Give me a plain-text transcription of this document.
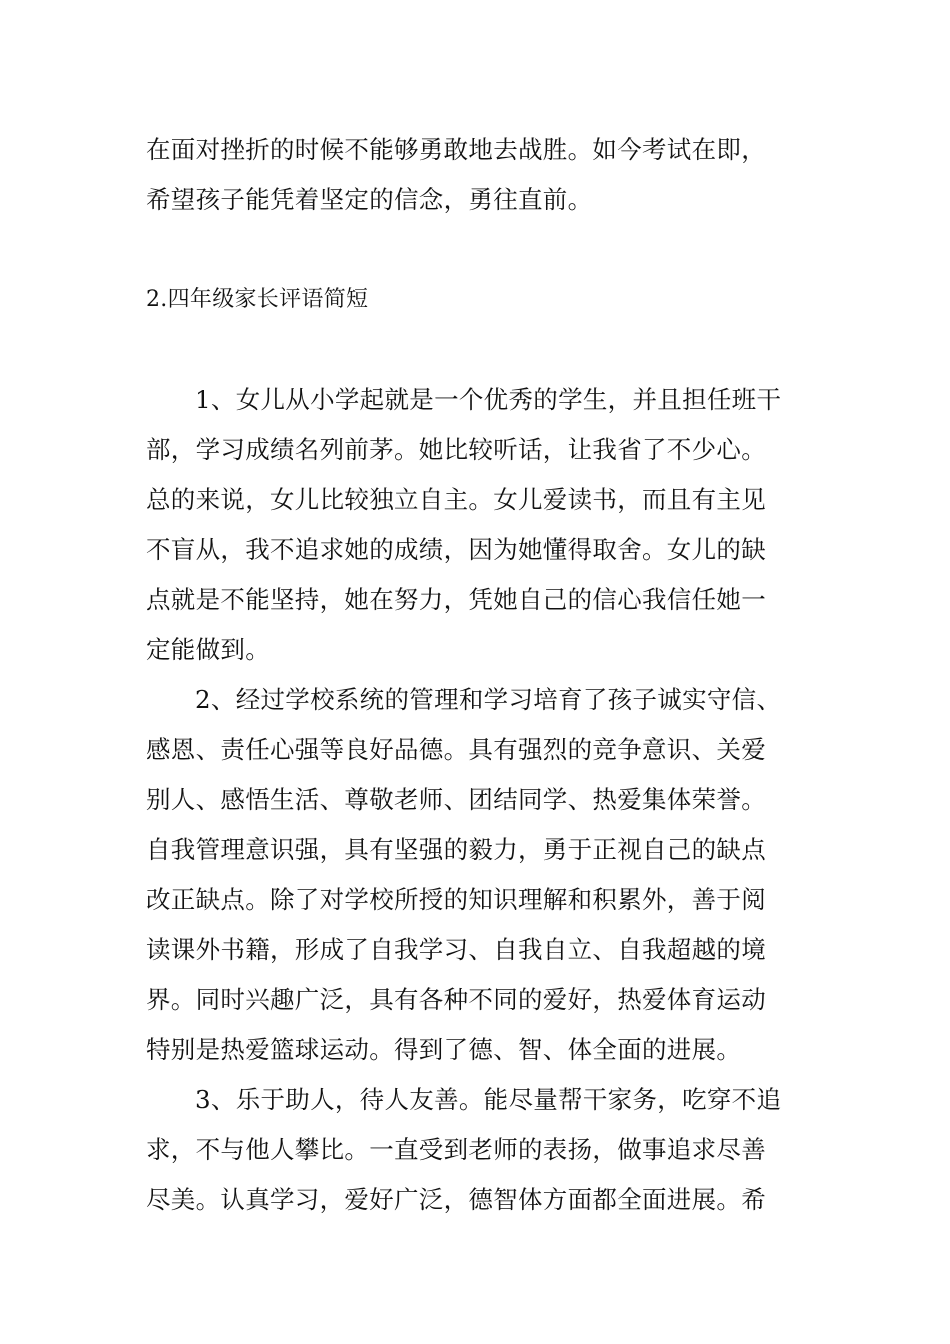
在面对挫折的时候不能够勇敢地去战胜。如今考试在即，
希望孩子能凭着坚定的信念，勇往直前。
2.四年级家长评语简短
1、女儿从小学起就是一个优秀的学生，并且担任班干
部，学习成绩名列前茅。她比较听话，让我省了不少心。
总的来说，女儿比较独立自主。女儿爱读书，而且有主见
不盲从，我不追求她的成绩，因为她懂得取舍。女儿的缺
点就是不能坚持，她在努力，凭她自己的信心我信任她一
定能做到。
2、经过学校系统的管理和学习培育了孩子诚实守信、
感恩、责任心强等良好品德。具有强烈的竞争意识、关爱
别人、感悟生活、尊敬老师、团结同学、热爱集体荣誉。
自我管理意识强，具有坚强的毅力，勇于正视自己的缺点
改正缺点。除了对学校所授的知识理解和积累外，善于阅
读课外书籍，形成了自我学习、自我自立、自我超越的境
界。同时兴趣广泛，具有各种不同的爱好，热爱体育运动
特别是热爱篮球运动。得到了德、智、体全面的进展。
3、乐于助人，待人友善。能尽量帮干家务，吃穿不追
求，不与他人攀比。一直受到老师的表扬，做事追求尽善
尽美。认真学习，爱好广泛，德智体方面都全面进展。希
